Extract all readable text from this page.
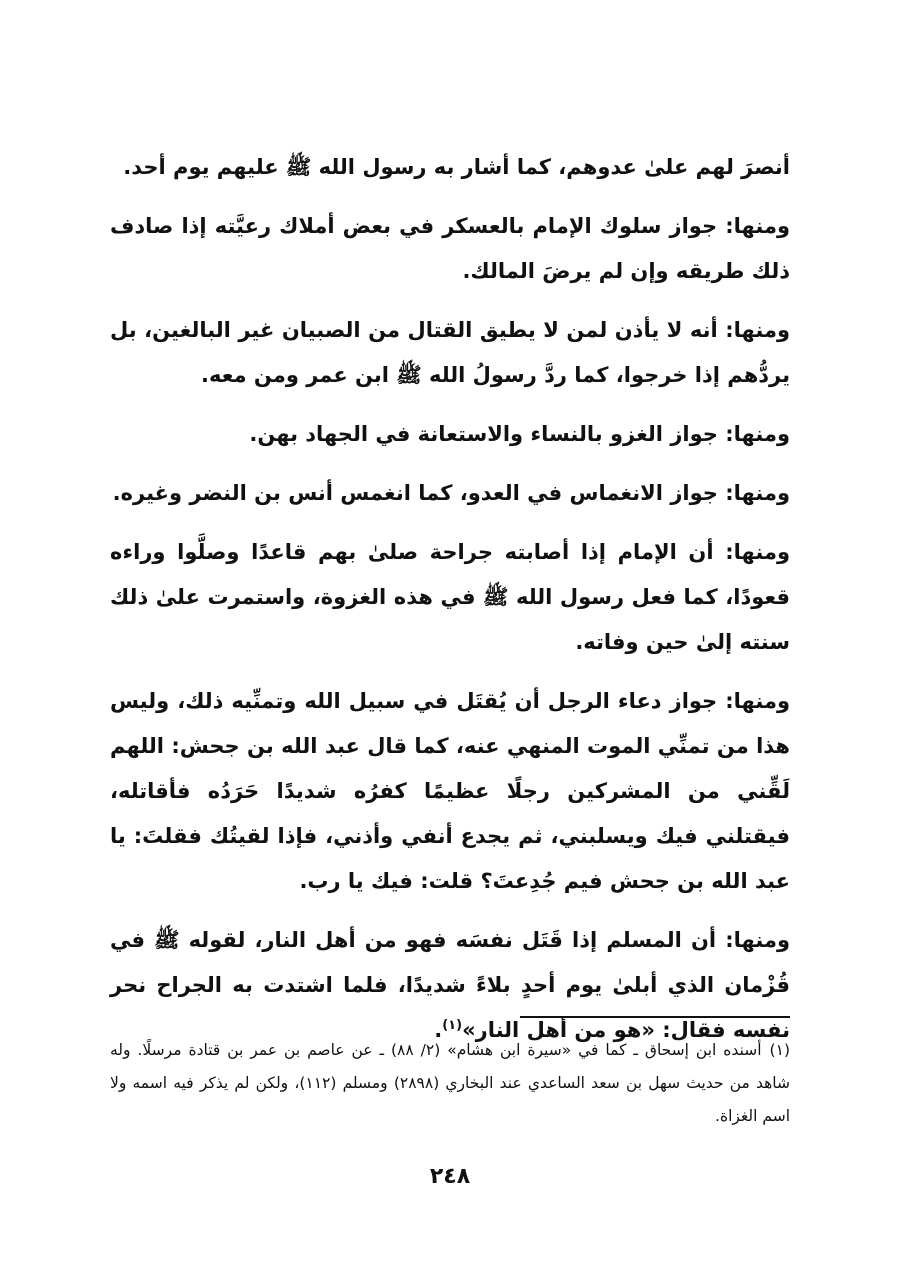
أنصرَ لهم علىٰ عدوهم، كما أشار به رسول الله ﷺ عليهم يوم أحد.

ومنها: جواز سلوك الإمام بالعسكر في بعض أملاك رعيَّته إذا صادف ذلك طريقه وإن لم يرضَ المالك.

ومنها: أنه لا يأذن لمن لا يطيق القتال من الصبيان غير البالغين، بل يردُّهم إذا خرجوا، كما ردَّ رسولُ الله ﷺ ابن عمر ومن معه.

ومنها: جواز الغزو بالنساء والاستعانة في الجهاد بهن.

ومنها: جواز الانغماس في العدو، كما انغمس أنس بن النضر وغيره.

ومنها: أن الإمام إذا أصابته جراحة صلىٰ بهم قاعدًا وصلَّوا وراءه قعودًا، كما فعل رسول الله ﷺ في هذه الغزوة، واستمرت علىٰ ذلك سنته إلىٰ حين وفاته.

ومنها: جواز دعاء الرجل أن يُقتَل في سبيل الله وتمنِّيه ذلك، وليس هذا من تمنِّي الموت المنهي عنه، كما قال عبد الله بن جحش: اللهم لَقِّني من المشركين رجلًا عظيمًا كفرُه شديدًا حَرَدُه فأقاتله، فيقتلني فيك ويسلبني، ثم يجدع أنفي وأذني، فإذا لقيتُك فقلتَ: يا عبد الله بن جحش فيم جُدِعتَ؟ قلت: فيك يا رب.

ومنها: أن المسلم إذا قَتَل نفسَه فهو من أهل النار، لقوله ﷺ في قُزْمان الذي أبلىٰ يوم أحدٍ بلاءً شديدًا، فلما اشتدت به الجراح نحر نفسه فقال: «هو من أهل النار»$^{(١)}$.

(١)أسنده ابن إسحاق ـ كما في «سيرة ابن هشام» (٢/ ٨٨) ـ عن عاصم بن عمر بن قتادة مرسلًا. وله شاهد من حديث سهل بن سعد الساعدي عند البخاري (٢٨٩٨) ومسلم (١١٢)، ولكن لم يذكر فيه اسمه ولا اسم الغزاة.

٢٤٨
